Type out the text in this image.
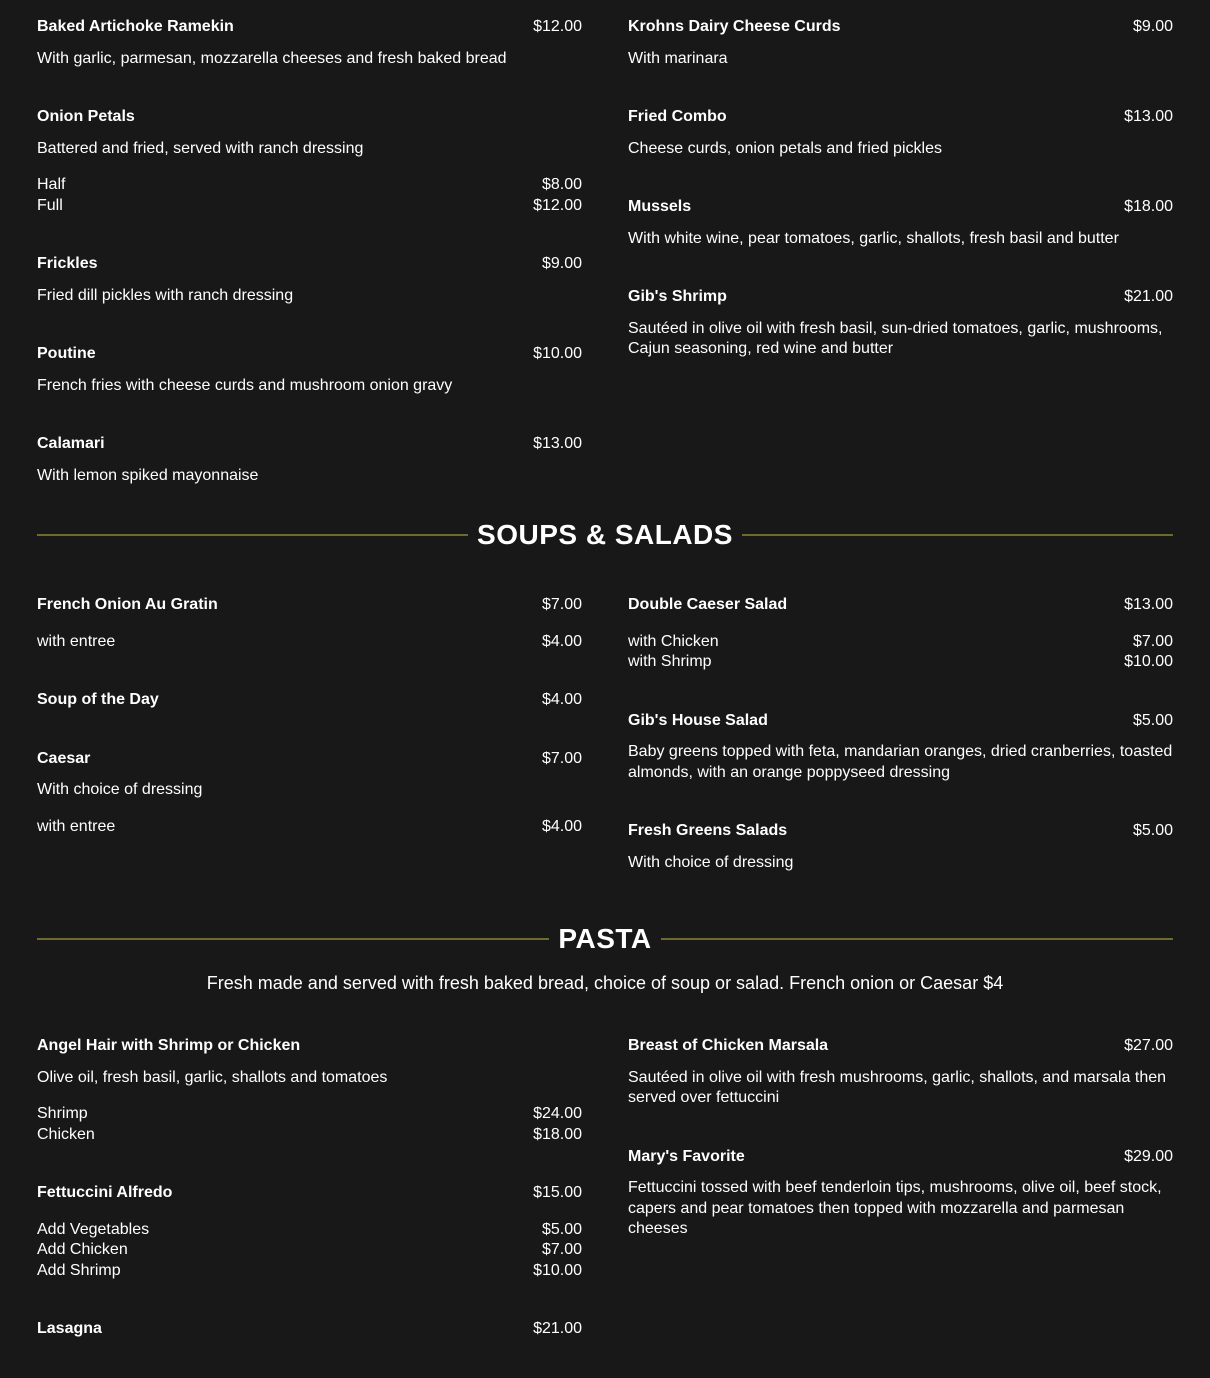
Baked Artichoke Ramekin	$12.00
With garlic, parmesan, mozzarella cheeses and fresh baked bread
Onion Petals
Battered and fried, served with ranch dressing
Half	$8.00
Full	$12.00
Frickles	$9.00
Fried dill pickles with ranch dressing
Poutine	$10.00
French fries with cheese curds and mushroom onion gravy
Calamari	$13.00
With lemon spiked mayonnaise
Krohns Dairy Cheese Curds	$9.00
With marinara
Fried Combo	$13.00
Cheese curds, onion petals and fried pickles
Mussels	$18.00
With white wine, pear tomatoes, garlic, shallots, fresh basil and butter
Gib's Shrimp	$21.00
Sautéed in olive oil with fresh basil, sun-dried tomatoes, garlic, mushrooms, Cajun seasoning, red wine and butter
SOUPS & SALADS
French Onion Au Gratin	$7.00
with entree	$4.00
Soup of the Day	$4.00
Caesar	$7.00
With choice of dressing
with entree	$4.00
Double Caeser Salad	$13.00
with Chicken	$7.00
with Shrimp	$10.00
Gib's House Salad	$5.00
Baby greens topped with feta, mandarian oranges, dried cranberries, toasted almonds, with an orange poppyseed dressing
Fresh Greens Salads	$5.00
With choice of dressing
PASTA
Fresh made and served with fresh baked bread, choice of soup or salad. French onion or Caesar $4
Angel Hair with Shrimp or Chicken
Olive oil, fresh basil, garlic, shallots and tomatoes
Shrimp	$24.00
Chicken	$18.00
Fettuccini Alfredo	$15.00
Add Vegetables	$5.00
Add Chicken	$7.00
Add Shrimp	$10.00
Lasagna	$21.00
Breast of Chicken Marsala	$27.00
Sautéed in olive oil with fresh mushrooms, garlic, shallots, and marsala then served over fettuccini
Mary's Favorite	$29.00
Fettuccini tossed with beef tenderloin tips, mushrooms, olive oil, beef stock, capers and pear tomatoes then topped with mozzarella and parmesan cheeses
